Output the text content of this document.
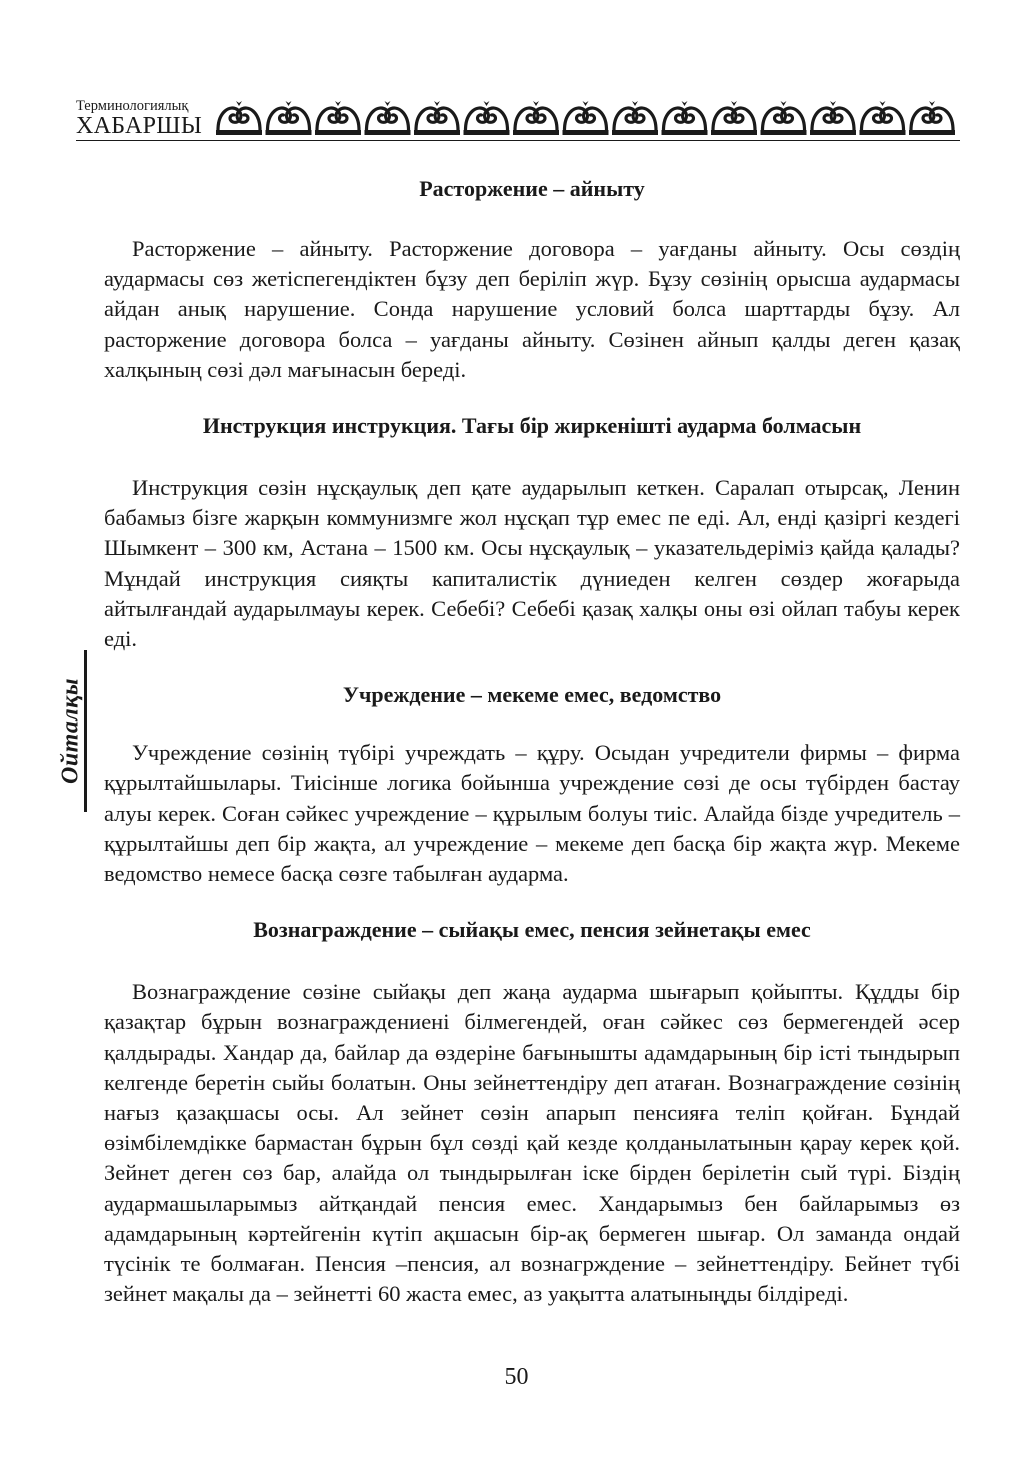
Терминологиялық
ХАБАРШЫ
Ойталқы
Расторжение – айныту

Расторжение – айныту. Расторжение договора – уағданы айныту. Осы сөздің аудармасы сөз жетіспегендіктен бұзу деп беріліп жүр. Бұзу сөзінің орысша аудармасы айдан анық нарушение. Сонда нарушение условий болса шарттарды бұзу. Ал расторжение договора болса – уағданы айныту. Сөзінен айнып қалды деген қазақ халқының сөзі дәл мағынасын береді.

Инструкция инструкция. Тағы бір жиркеніштi аударма болмасын

Инструкция сөзін нұсқаулық деп қате аударылып кеткен. Саралап отырсақ, Ленин бабамыз бізге жарқын коммунизмге жол нұсқап тұр емес пе еді. Ал, енді қазіргі кездегі Шымкент – 300 км, Астана – 1500 км. Осы нұсқаулық – указательдеріміз қайда қалады? Мұндай инструкция сияқты капиталистік дүниеден келген сөздер жоғарыда айтылғандай аударылмауы керек. Себебі? Себебі қазақ халқы оны өзі ойлап табуы керек еді.

Учреждение – мекеме емес, ведомство

Учреждение сөзінің түбірі учреждать – құру. Осыдан учредители фирмы – фирма құрылтайшылары. Тиісінше логика бойынша учреждение сөзі де осы түбірден бастау алуы керек. Соған сәйкес учреждение – құрылым болуы тиіс. Алайда бізде учредитель – құрылтайшы деп бір жақта, ал учреждение – мекеме деп басқа бір жақта жүр. Мекеме ведомство немесе басқа сөзге табылған аударма.

Вознаграждение – сыйақы емес, пенсия зейнетақы емес

Вознаграждение сөзіне сыйақы деп жаңа аударма шығарып қойыпты. Құдды бір қазақтар бұрын вознаграждениені білмегендей, оған сәйкес сөз бермегендей әсер қалдырады. Хандар да, байлар да өздеріне бағынышты адамдарының бір істі тындырып келгенде беретін сыйы болатын. Оны зейнеттендіру деп атаған. Вознаграждение сөзінің нағыз қазақшасы осы. Ал зейнет сөзін апарып пенсияға теліп қойған. Бұндай өзімбілемдікке бармастан бұрын бұл сөзді қай кезде қолданылатынын қарау керек қой. Зейнет деген сөз бар, алайда ол тындырылған іске бірден берілетін сый түрі. Біздің аудармашыларымыз айтқандай пенсия емес. Хандарымыз бен байларымыз өз адамдарының кәртейгенін күтіп ақшасын бір-ақ бермеген шығар. Ол заманда ондай түсінік те болмаған. Пенсия –пенсия, ал вознагрждение – зейнеттендіру. Бейнет түбі зейнет мақалы да – зейнетті 60 жаста емес, аз уақытта алатыныңды білдіреді.

50
